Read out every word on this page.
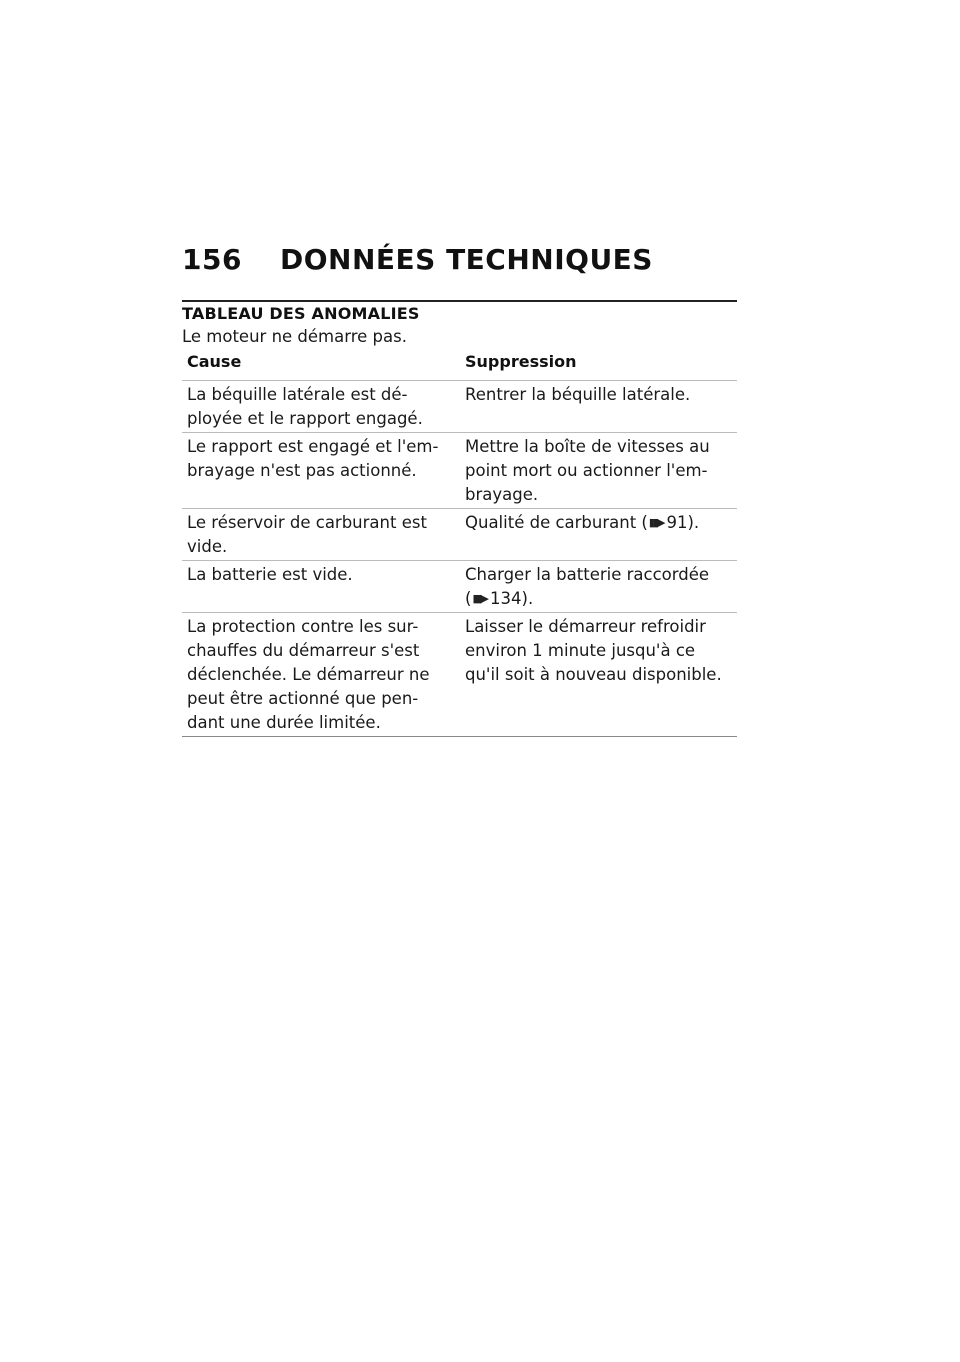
156 DONNÉES TECHNIQUES
TABLEAU DES ANOMALIES
Le moteur ne démarre pas.
Cause	Suppression
La béquille latérale est dé-
ployée et le rapport engagé.
Rentrer la béquille latérale.
Le rapport est engagé et l'em-
brayage n'est pas actionné.
Mettre la boîte de vitesses au
point mort ou actionner l'em-
brayage.
Le réservoir de carburant est
vide.
Qualité de carburant (▮▮▶ 91).
La batterie est vide.	Charger la batterie raccordée
(▮▮▶ 134).
La protection contre les sur-
chauffes du démarreur s'est
déclenchée. Le démarreur ne
peut être actionné que pen-
dant une durée limitée.
Laisser le démarreur refroidir
environ 1 minute jusqu'à ce
qu'il soit à nouveau disponible.
